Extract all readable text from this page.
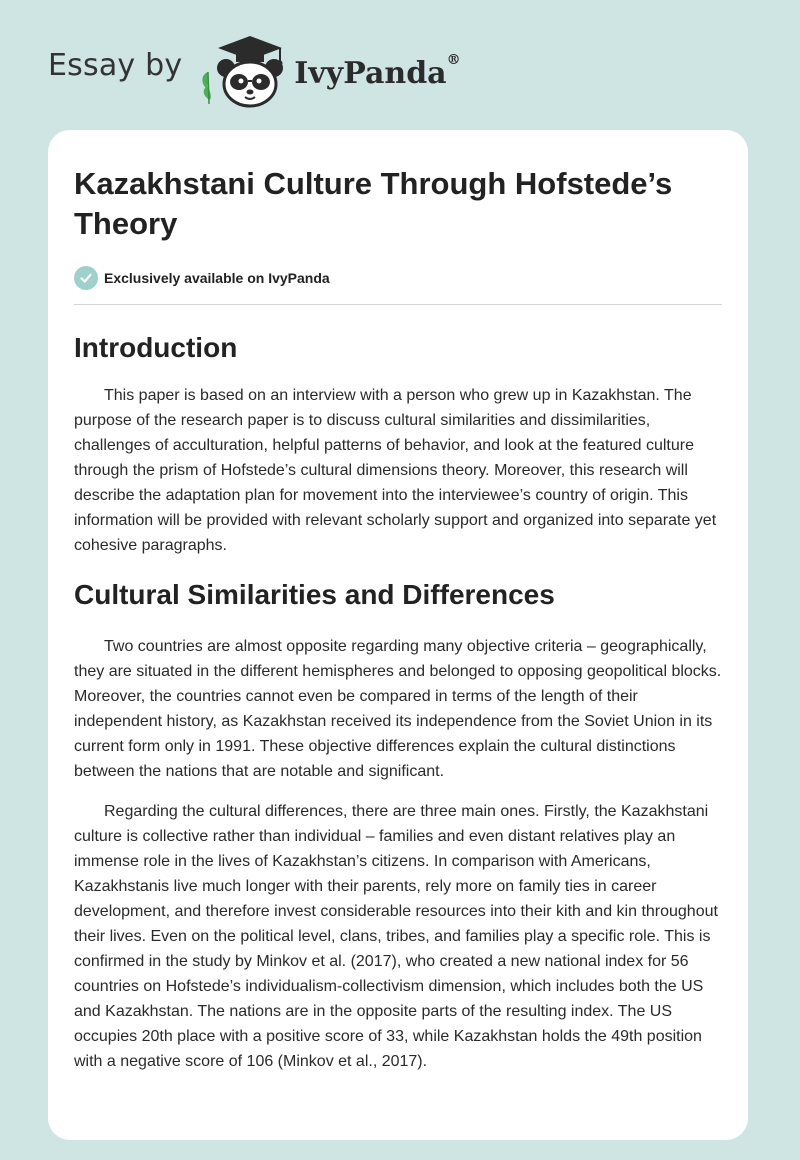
Essay by	IvyPanda®
Kazakhstani Culture Through Hofstede’s Theory
Exclusively available on IvyPanda
Introduction

This paper is based on an interview with a person who grew up in Kazakhstan. The purpose of the research paper is to discuss cultural similarities and dissimilarities, challenges of acculturation, helpful patterns of behavior, and look at the featured culture through the prism of Hofstede’s cultural dimensions theory. Moreover, this research will describe the adaptation plan for movement into the interviewee’s country of origin. This information will be provided with relevant scholarly support and organized into separate yet cohesive paragraphs.

Cultural Similarities and Differences

Two countries are almost opposite regarding many objective criteria – geographically, they are situated in the different hemispheres and belonged to opposing geopolitical blocks. Moreover, the countries cannot even be compared in terms of the length of their independent history, as Kazakhstan received its independence from the Soviet Union in its current form only in 1991. These objective differences explain the cultural distinctions between the nations that are notable and significant.

Regarding the cultural differences, there are three main ones. Firstly, the Kazakhstani culture is collective rather than individual – families and even distant relatives play an immense role in the lives of Kazakhstan’s citizens. In comparison with Americans, Kazakhstanis live much longer with their parents, rely more on family ties in career development, and therefore invest considerable resources into their kith and kin throughout their lives. Even on the political level, clans, tribes, and families play a specific role. This is confirmed in the study by Minkov et al. (2017), who created a new national index for 56 countries on Hofstede’s individualism-collectivism dimension, which includes both the US and Kazakhstan. The nations are in the opposite parts of the resulting index. The US occupies 20th place with a positive score of 33, while Kazakhstan holds the 49th position with a negative score of 106 (Minkov et al., 2017).
